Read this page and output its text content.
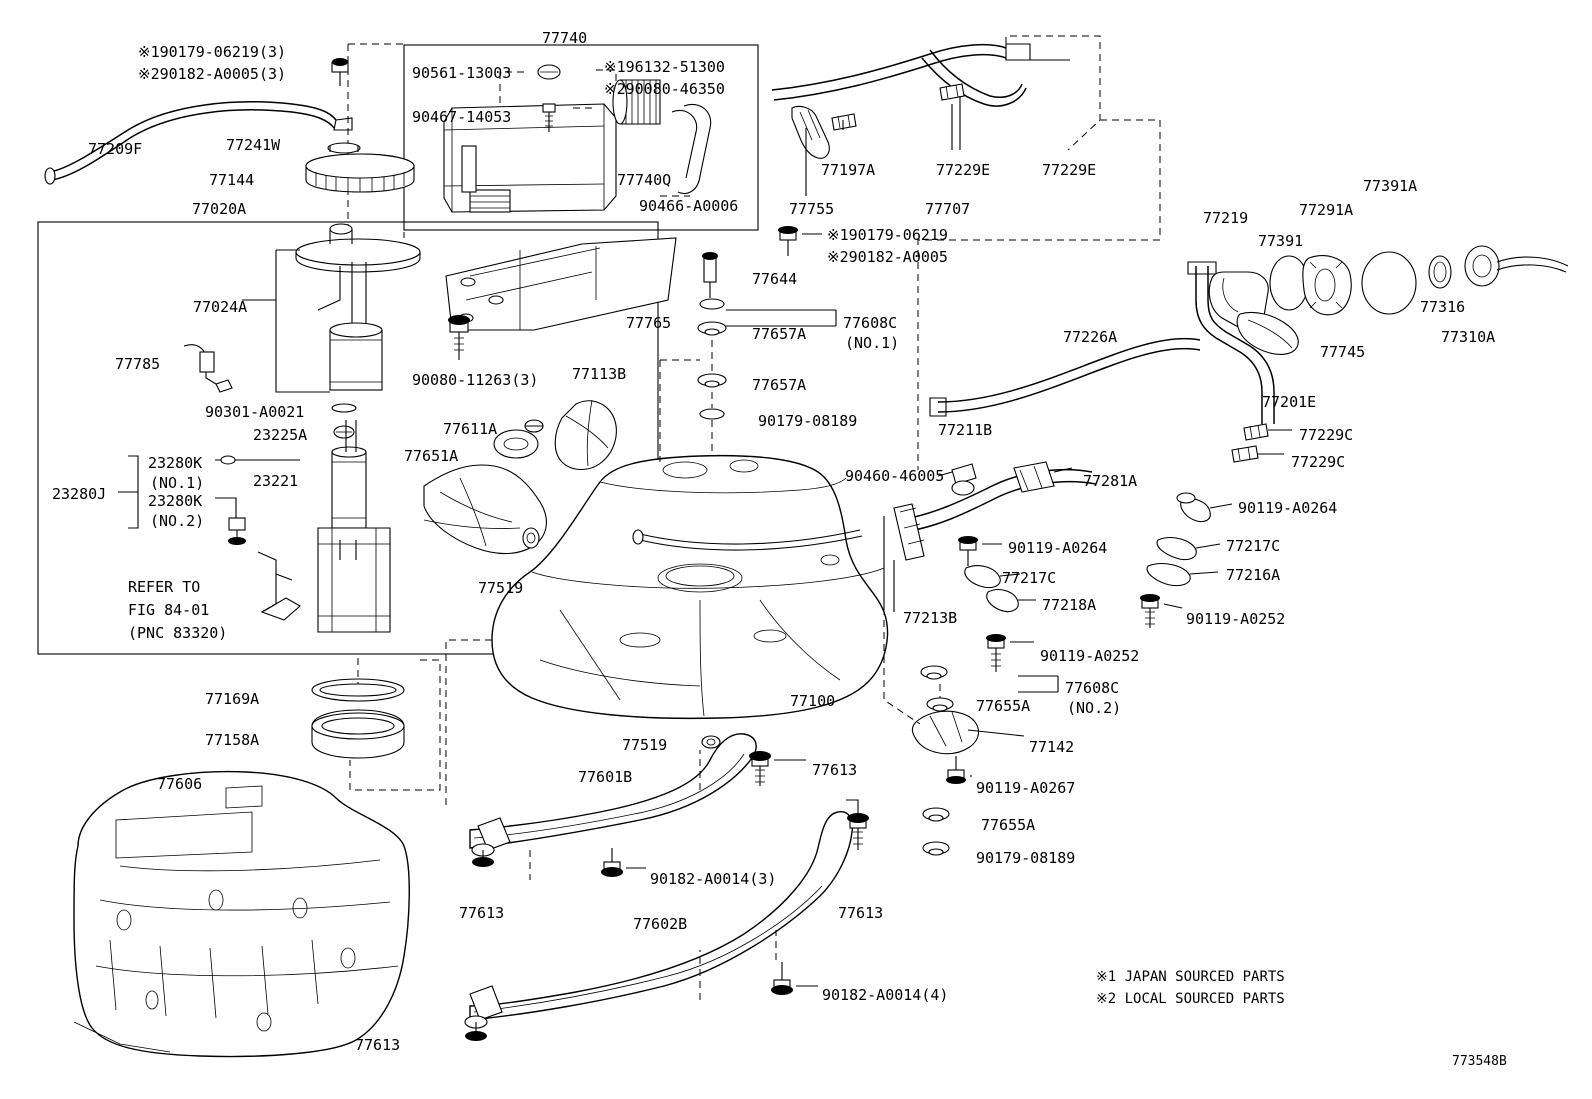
※190179-06219(3)
※290182-A0005(3)
77740
90561-13003	※196132-51300
※290080-46350
90467-14053
77209F	77241W
77144
77020A
77740Q
90466-A0006
77197A	77229E	77229E
77755	77707
※190179-06219
※290182-A0005
77391A
77291A
77219
77391
77316
77310A
77745
77024A
77785
90301-A0021
23225A
23280K
(NO.1)
23280J	23280K
(NO.2)
23221
77644
77765
77657A
77608C
(NO.1)
90080-11263(3) 77113B
77657A
90179-08189
77611A
77651A
77226A
77201E
77229C
77211B
90460-46005	77281A
77229C
90119-A0264
77217C
77216A
90119-A0252
90119-A0264
77217C
77218A
77213B
90119-A0252
77608C
(NO.2)
77655A
77100
77519
77169A
77158A
77606
77519	77142
77613
77601B
90119-A0267
77655A
90179-08189
90182-A0014(3)
77613
77602B
77613
90182-A0014(4)
77613
REFER TO
FIG 84-01
(PNC 83320)
※1 JAPAN SOURCED PARTS
※2 LOCAL SOURCED PARTS
773548B
